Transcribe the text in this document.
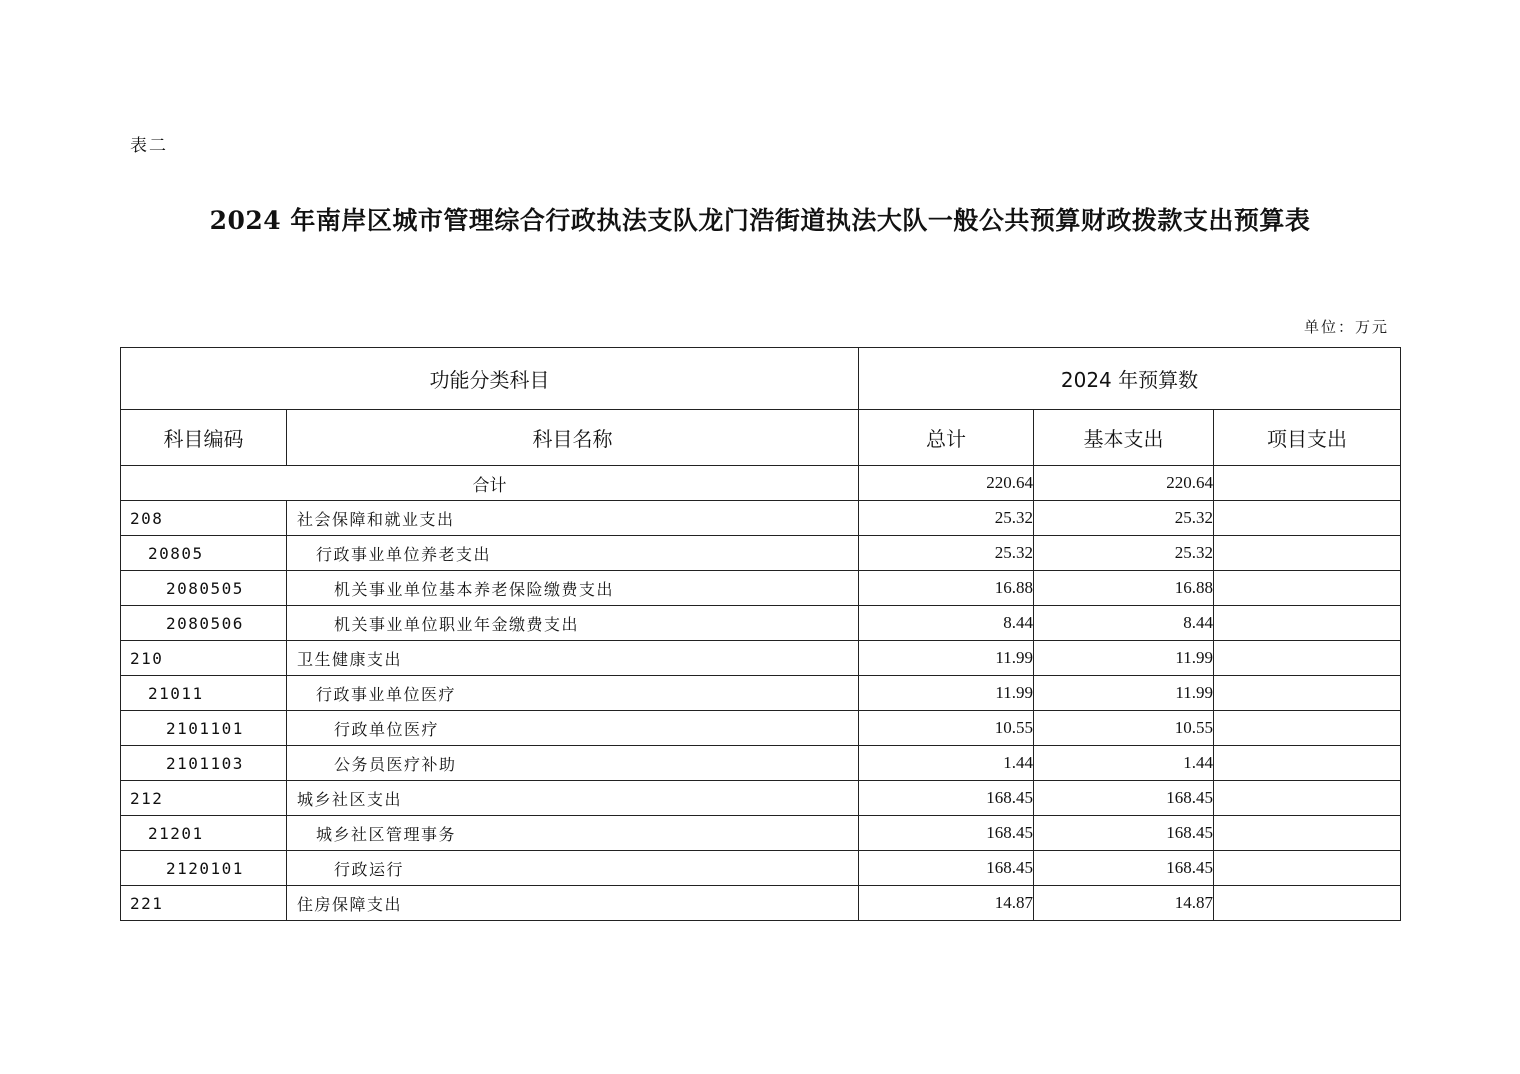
表二
2024 年南岸区城市管理综合行政执法支队龙门浩街道执法大队一般公共预算财政拨款支出预算表
单位：万元
功能分类科目		2024 年预算数		
科目编码	科目名称	总计	基本支出	项目支出
合计		220.64	220.64	
208	社会保障和就业支出	25.32	25.32	
20805	行政事业单位养老支出	25.32	25.32	
2080505	机关事业单位基本养老保险缴费支出	16.88	16.88	
2080506	机关事业单位职业年金缴费支出	8.44	8.44	
210	卫生健康支出	11.99	11.99	
21011	行政事业单位医疗	11.99	11.99	
2101101	行政单位医疗	10.55	10.55	
2101103	公务员医疗补助	1.44	1.44	
212	城乡社区支出	168.45	168.45	
21201	城乡社区管理事务	168.45	168.45	
2120101	行政运行	168.45	168.45	
221	住房保障支出	14.87	14.87	
